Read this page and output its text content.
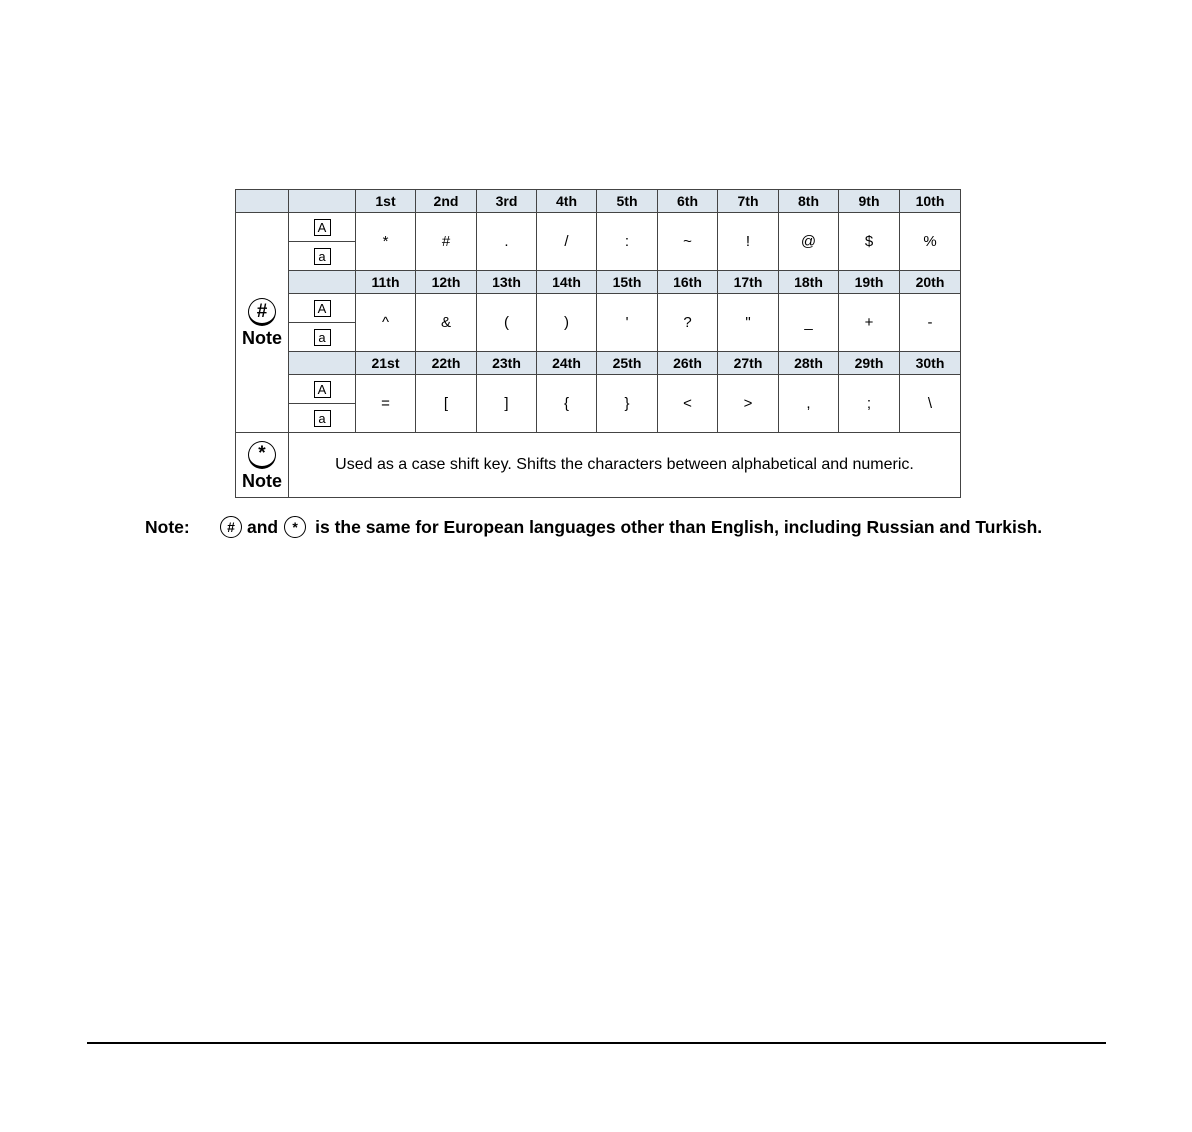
		1st	2nd	3rd	4th	5th	6th	7th	8th	9th	10th

#
Note	A	*	#	.	/	:	~	!	@	$	%
	a										
		11th	12th	13th	14th	15th	16th	17th	18th	19th	20th
	A	^	&	(	)	'	?	"	_	+	-
	a										
		21st	22th	23th	24th	25th	26th	27th	28th	29th	30th
	A	=	[	]	{	}	<	>	,	;	\
	a										

*
Note	Used as a case shift key. Shifts the characters between alphabetical and numeric.										
Note:	# and	* is the same for European languages other than English, including Russian and Turkish.
